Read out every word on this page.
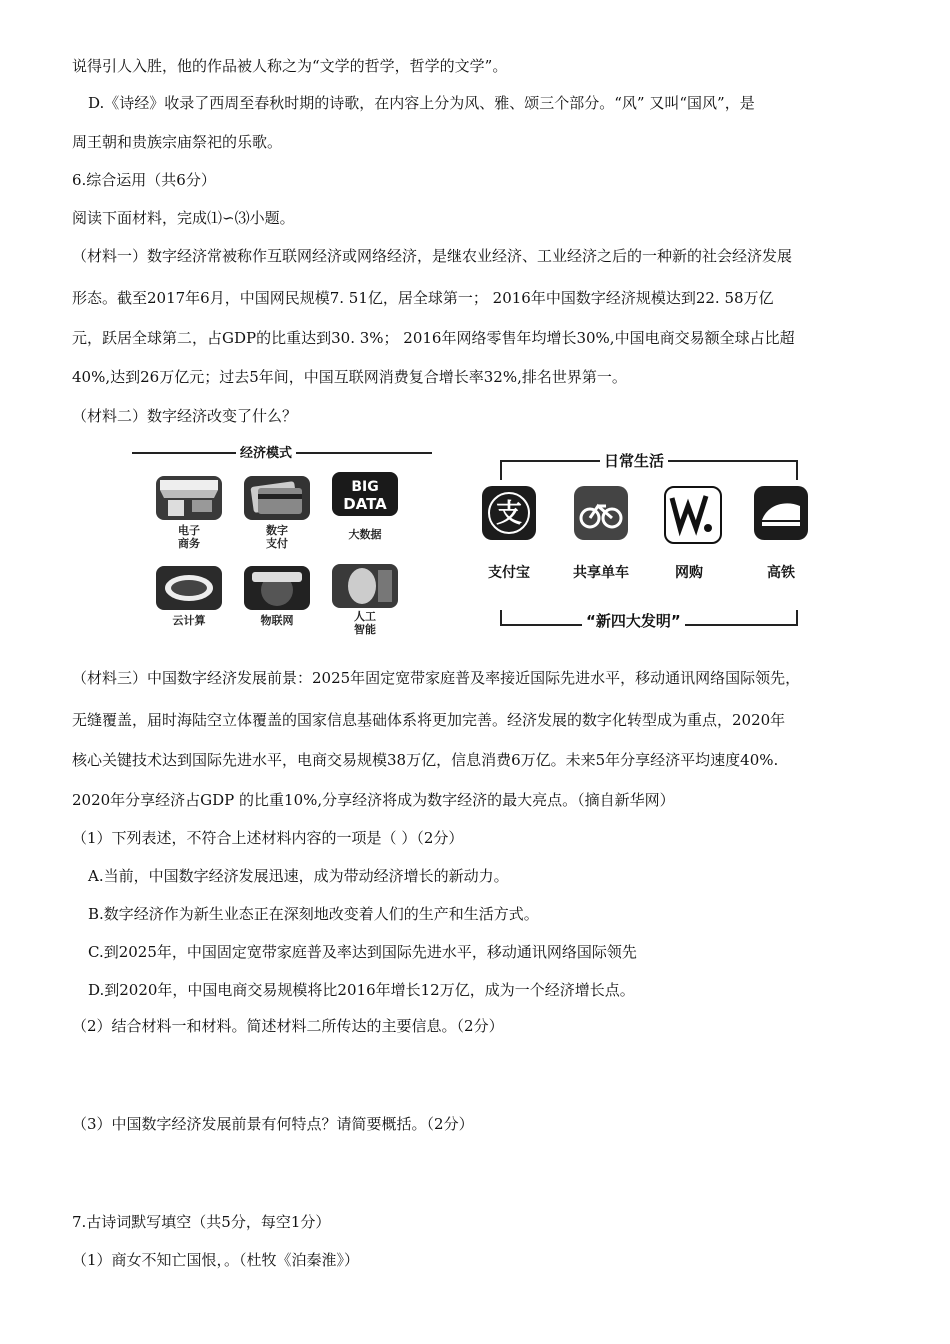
说得引人入胜，他的作品被人称之为“文学的哲学，哲学的文学”。
D.《诗经》收录了西周至春秋时期的诗歌，在内容上分为风、雅、颂三个部分。“风” 又叫“国风”，是
周王朝和贵族宗庙祭祀的乐歌。
6.综合运用（共6分）
阅读下面材料，完成⑴∽⑶小题。
（材料一）数字经济常被称作互联网经济或网络经济，是继农业经济、工业经济之后的一种新的社会经济发展
形态。截至2017年6月，中国网民规模7. 51亿，居全球第一； 2016年中国数字经济规模达到22. 58万亿
元，跃居全球第二，占GDP的比重达到30. 3%； 2016年网络零售年均增长30%,中国电商交易额全球占比超
40%,达到26万亿元；过去5年间，中国互联网消费复合增长率32%,排名世界第一。
（材料二）数字经济改变了什么？
经济模式
电子
商务
数字
支付
BIG
DATA
大数据
云计算	物联网	人工
智能
日常生活
支
支付宝	共享单车	网购	高铁
“新四大发明”
（材料三）中国数字经济发展前景：2025年固定宽带家庭普及率接近国际先进水平，移动通讯网络国际领先，
无缝覆盖，届时海陆空立体覆盖的国家信息基础体系将更加完善。经济发展的数字化转型成为重点，2020年
核心关键技术达到国际先进水平，电商交易规模38万亿，信息消费6万亿。未来5年分享经济平均速度40%.
2020年分享经济占GDP 的比重10%,分享经济将成为数字经济的最大亮点。（摘自新华网）
（1）下列表述，不符合上述材料内容的一项是（ ）（2分）
A.当前，中国数字经济发展迅速，成为带动经济增长的新动力。
B.数字经济作为新生业态正在深刻地改变着人们的生产和生活方式。
C.到2025年，中国固定宽带家庭普及率达到国际先进水平，移动通讯网络国际领先
D.到2020年，中国电商交易规模将比2016年增长12万亿，成为一个经济增长点。
（2）结合材料一和材料。简述材料二所传达的主要信息。（2分）
（3）中国数字经济发展前景有何特点？请简要概括。（2分）
7.古诗词默写填空（共5分，每空1分）
（1）商女不知亡国恨，。（杜牧《泊秦淮》）
